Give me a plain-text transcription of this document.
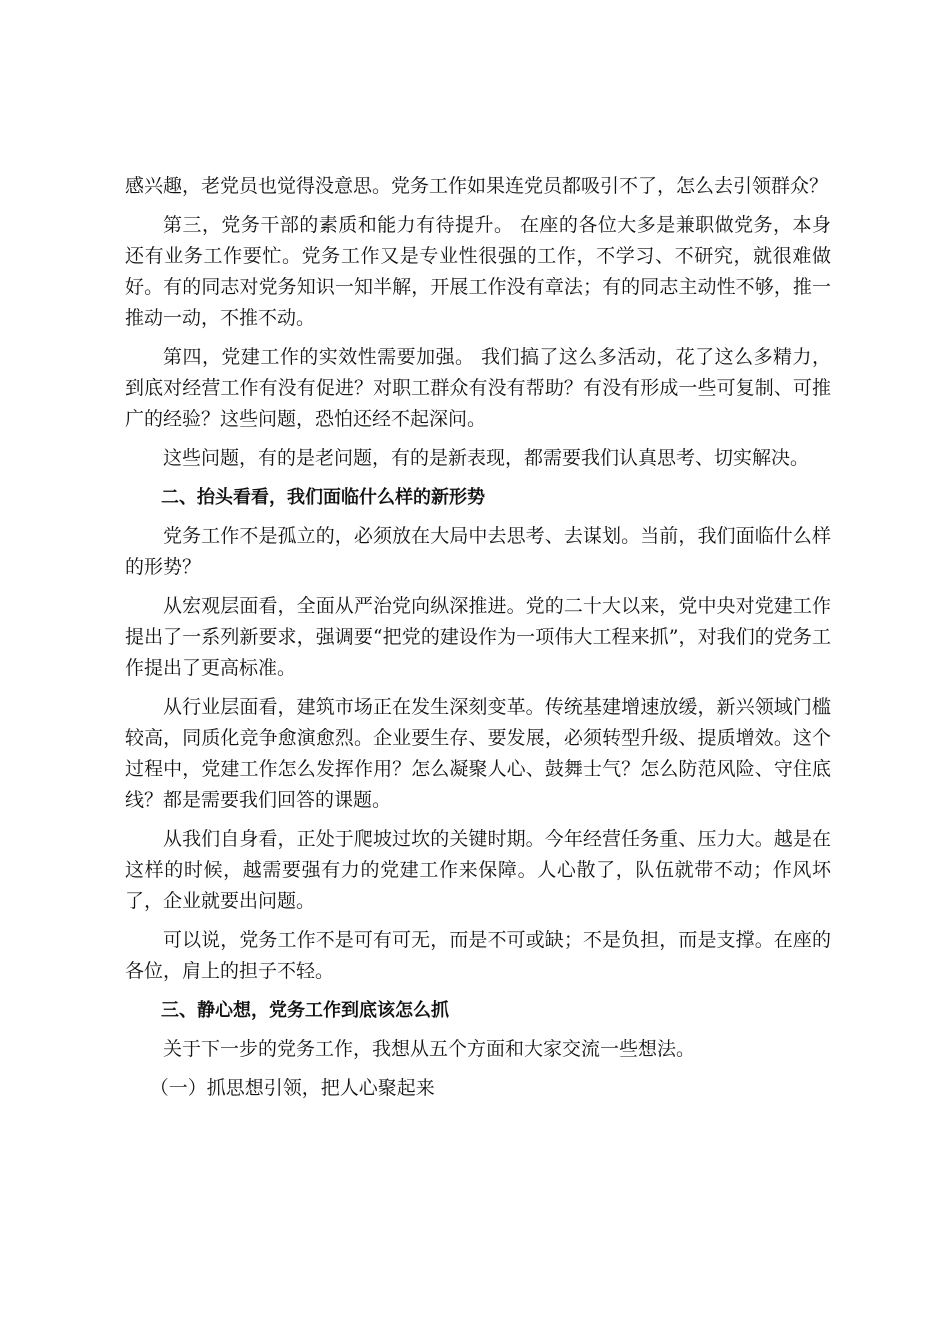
感兴趣，老党员也觉得没意思。党务工作如果连党员都吸引不了，怎么去引领群众？

第三，党务干部的素质和能力有待提升。 在座的各位大多是兼职做党务，本身还有业务工作要忙。党务工作又是专业性很强的工作，不学习、不研究，就很难做好。有的同志对党务知识一知半解，开展工作没有章法；有的同志主动性不够，推一推动一动，不推不动。

第四，党建工作的实效性需要加强。 我们搞了这么多活动，花了这么多精力，到底对经营工作有没有促进？对职工群众有没有帮助？有没有形成一些可复制、可推广的经验？这些问题，恐怕还经不起深问。

这些问题，有的是老问题，有的是新表现，都需要我们认真思考、切实解决。

二、抬头看看，我们面临什么样的新形势

党务工作不是孤立的，必须放在大局中去思考、去谋划。当前，我们面临什么样的形势？

从宏观层面看，全面从严治党向纵深推进。党的二十大以来，党中央对党建工作提出了一系列新要求，强调要“把党的建设作为一项伟大工程来抓”，对我们的党务工作提出了更高标准。

从行业层面看，建筑市场正在发生深刻变革。传统基建增速放缓，新兴领域门槛较高，同质化竞争愈演愈烈。企业要生存、要发展，必须转型升级、提质增效。这个过程中，党建工作怎么发挥作用？怎么凝聚人心、鼓舞士气？怎么防范风险、守住底线？都是需要我们回答的课题。

从我们自身看，正处于爬坡过坎的关键时期。今年经营任务重、压力大。越是在这样的时候，越需要强有力的党建工作来保障。人心散了，队伍就带不动；作风坏了，企业就要出问题。

可以说，党务工作不是可有可无，而是不可或缺；不是负担，而是支撑。在座的各位，肩上的担子不轻。

三、静心想，党务工作到底该怎么抓

关于下一步的党务工作，我想从五个方面和大家交流一些想法。

（一）抓思想引领，把人心聚起来
